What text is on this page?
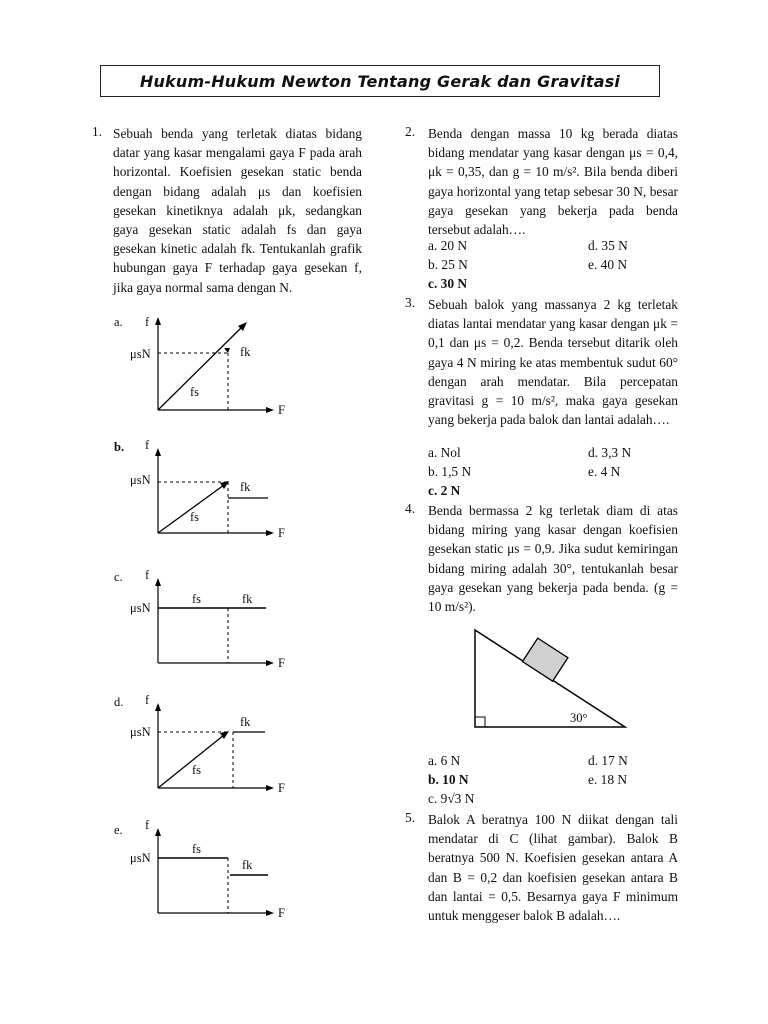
Hukum-Hukum Newton Tentang Gerak dan Gravitasi
1. Sebuah benda yang terletak diatas bidang datar yang kasar mengalami gaya F pada arah horizontal. Koefisien gesekan static benda dengan bidang adalah μs dan koefisien gesekan kinetiknya adalah μk, sedangkan gaya gesekan static adalah fs dan gaya gesekan kinetic adalah fk. Tentukanlah grafik hubungan gaya F terhadap gaya gesekan f, jika gaya normal sama dengan N.

a. f
μsN	fk
fs
F
b. f
μsN	fk
fs
F
c. f
μsN
fs	fk
F
d. f
μsN
fk
fs
F
e. f
μsN
fs
fk
F
2. Benda dengan massa 10 kg berada diatas bidang mendatar yang kasar dengan μs = 0,4, μk = 0,35, dan g = 10 m/s². Bila benda diberi gaya horizontal yang tetap sebesar 30 N, besar gaya gesekan yang bekerja pada benda tersebut adalah….

a. 20 N	d. 35 N
b. 25 N	e. 40 N
c. 30 N
3. Sebuah balok yang massanya 2 kg terletak diatas lantai mendatar yang kasar dengan μk = 0,1 dan μs = 0,2. Benda tersebut ditarik oleh gaya 4 N miring ke atas membentuk sudut 60° dengan arah mendatar. Bila percepatan gravitasi g = 10 m/s², maka gaya gesekan yang bekerja pada balok dan lantai adalah….

a. Nol	d. 3,3 N
b. 1,5 N	e. 4 N
c. 2 N
4. Benda bermassa 2 kg terletak diam di atas bidang miring yang kasar dengan koefisien gesekan static μs = 0,9. Jika sudut kemiringan bidang miring adalah 30°, tentukanlah besar gaya gesekan yang bekerja pada benda. (g = 10 m/s²).

30°
a. 6 N	d. 17 N
b. 10 N	e. 18 N
c. 9√3 N
5. Balok A beratnya 100 N diikat dengan tali mendatar di C (lihat gambar). Balok B beratnya 500 N. Koefisien gesekan antara A dan B = 0,2 dan koefisien gesekan antara B dan lantai = 0,5. Besarnya gaya F minimum untuk menggeser balok B adalah….
